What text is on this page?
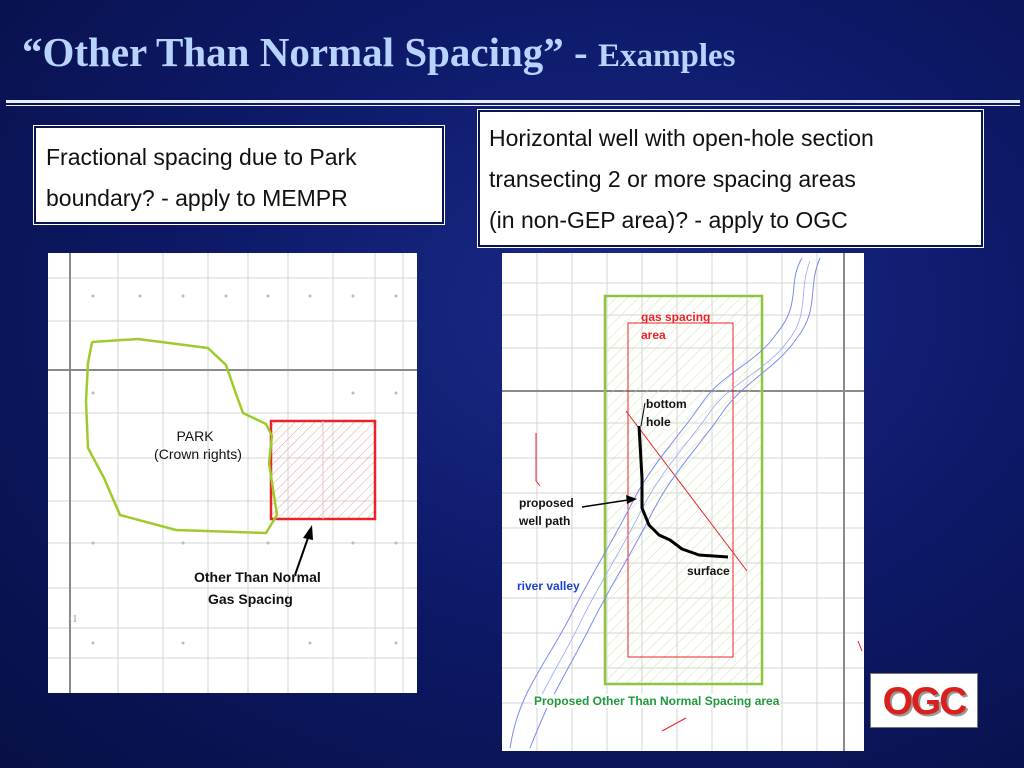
“Other Than Normal Spacing” - Examples
Fractional spacing due to Park
boundary? - apply to MEMPR
Horizontal well with open-hole section
transecting 2 or more spacing areas
(in non-GEP area)? - apply to OGC
PARK
(Crown rights)
Other Than Normal
Gas Spacing
11
gas spacing
area
bottom
hole
proposed
well path
surface
river valley
Proposed Other Than Normal Spacing area	OGC
